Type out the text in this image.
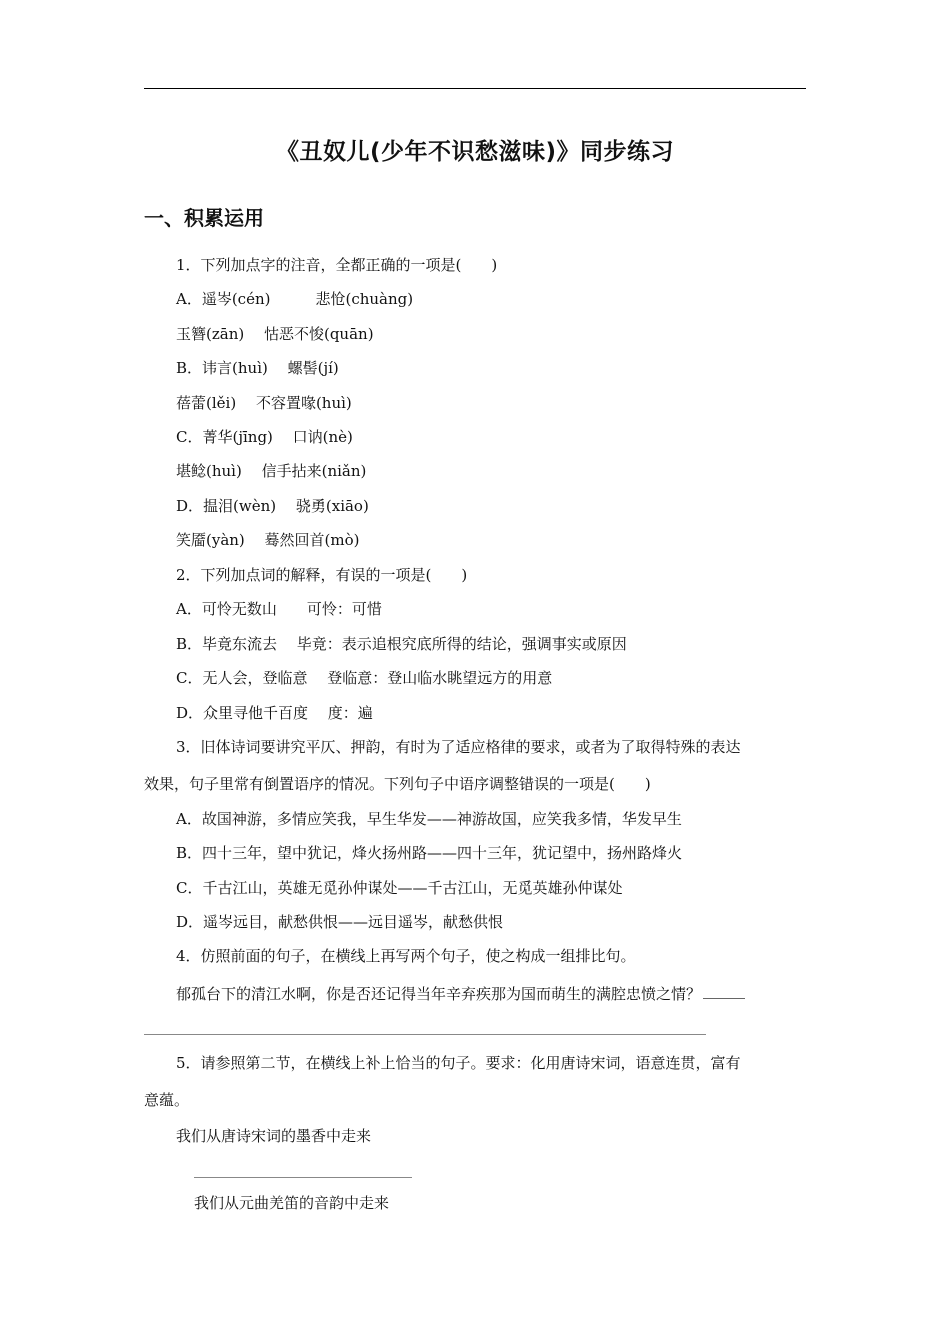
《丑奴儿(少年不识愁滋味)》同步练习
一、积累运用
1．下列加点字的注音，全都正确的一项是(　　)
A．遥岑(cén)　　　悲怆(chuàng)
玉簪(zān)　 怙恶不悛(quān)
B．讳言(huì)　 螺髻(jí)
蓓蕾(lěi)　 不容置喙(huì)
C．菁华(jīng)　 口讷(nè)
堪鲶(huì)　 信手拈来(niǎn)
D．揾泪(wèn)　 骁勇(xiāo)
笑靥(yàn)　 蓦然回首(mò)
2．下列加点词的解释，有误的一项是(　　)
A．可怜无数山　　可怜：可惜
B．毕竟东流去　 毕竟：表示追根究底所得的结论，强调事实或原因
C．无人会，登临意　 登临意：登山临水眺望远方的用意
D．众里寻他千百度　 度：遍
3．旧体诗词要讲究平仄、押韵，有时为了适应格律的要求，或者为了取得特殊的表达
效果，句子里常有倒置语序的情况。下列句子中语序调整错误的一项是(　　)
A．故国神游，多情应笑我，早生华发——神游故国，应笑我多情，华发早生
B．四十三年，望中犹记，烽火扬州路——四十三年，犹记望中，扬州路烽火
C．千古江山，英雄无觅孙仲谋处——千古江山，无觅英雄孙仲谋处
D．遥岑远目，献愁供恨——远目遥岑，献愁供恨
4．仿照前面的句子，在横线上再写两个句子，使之构成一组排比句。
郁孤台下的清江水啊，你是否还记得当年辛弃疾那为国而萌生的满腔忠愤之情？
5．请参照第二节，在横线上补上恰当的句子。要求：化用唐诗宋词，语意连贯，富有
意蕴。
我们从唐诗宋词的墨香中走来
我们从元曲羌笛的音韵中走来
